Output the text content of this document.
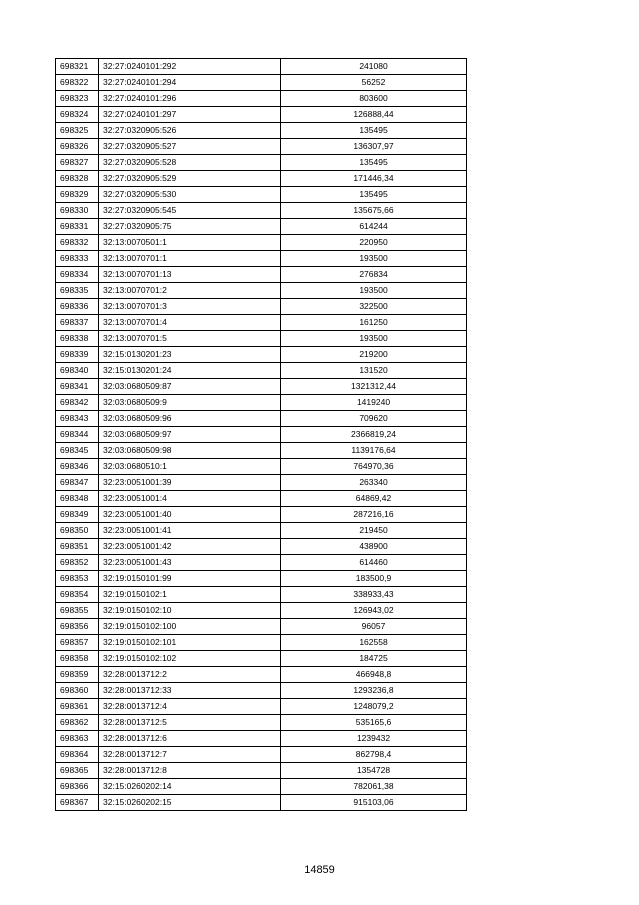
698321	32:27:0240101:292	241080
698322	32:27:0240101:294	56252
698323	32:27:0240101:296	803600
698324	32:27:0240101:297	126888,44
698325	32:27:0320905:526	135495
698326	32:27:0320905:527	136307,97
698327	32:27:0320905:528	135495
698328	32:27:0320905:529	171446,34
698329	32:27:0320905:530	135495
698330	32:27:0320905:545	135675,66
698331	32:27:0320905:75	614244
698332	32:13:0070501:1	220950
698333	32:13:0070701:1	193500
698334	32:13:0070701:13	276834
698335	32:13:0070701:2	193500
698336	32:13:0070701:3	322500
698337	32:13:0070701:4	161250
698338	32:13:0070701:5	193500
698339	32:15:0130201:23	219200
698340	32:15:0130201:24	131520
698341	32:03:0680509:87	1321312,44
698342	32:03:0680509:9	1419240
698343	32:03:0680509:96	709620
698344	32:03:0680509:97	2366819,24
698345	32:03:0680509:98	1139176,64
698346	32:03:0680510:1	764970,36
698347	32:23:0051001:39	263340
698348	32:23:0051001:4	64869,42
698349	32:23:0051001:40	287216,16
698350	32:23:0051001:41	219450
698351	32:23:0051001:42	438900
698352	32:23:0051001:43	614460
698353	32:19:0150101:99	183500,9
698354	32:19:0150102:1	338933,43
698355	32:19:0150102:10	126943,02
698356	32:19:0150102:100	96057
698357	32:19:0150102:101	162558
698358	32:19:0150102:102	184725
698359	32:28:0013712:2	466948,8
698360	32:28:0013712:33	1293236,8
698361	32:28:0013712:4	1248079,2
698362	32:28:0013712:5	535165,6
698363	32:28:0013712:6	1239432
698364	32:28:0013712:7	862798,4
698365	32:28:0013712:8	1354728
698366	32:15:0260202:14	782061,38
698367	32:15:0260202:15	915103,06
14859
